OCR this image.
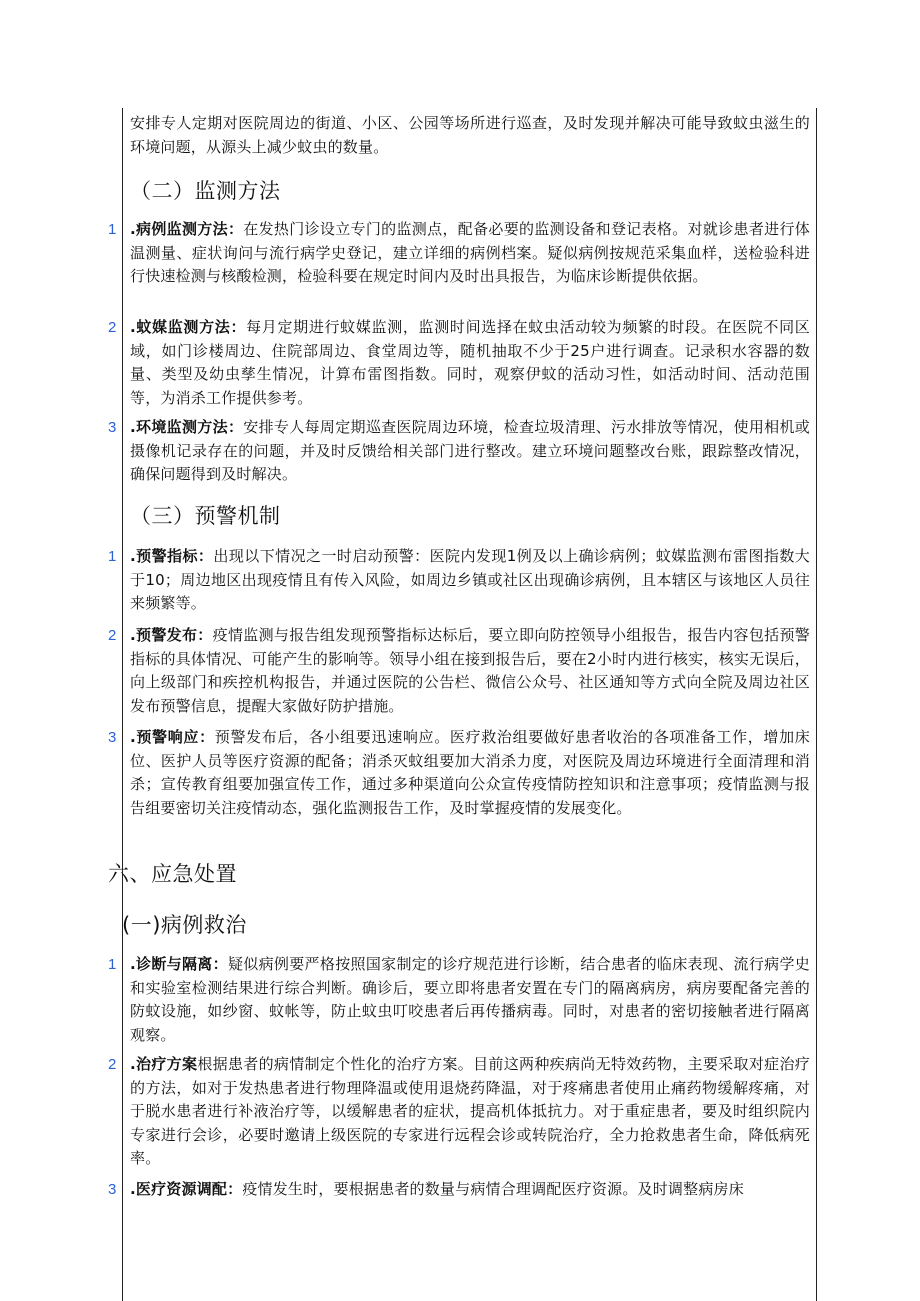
安排专人定期对医院周边的街道、小区、公园等场所进行巡查，及时发现并解决可能导致蚊虫滋生的环境问题，从源头上减少蚊虫的数量。
（二）监测方法
1 .病例监测方法：在发热门诊设立专门的监测点，配备必要的监测设备和登记表格。对就诊患者进行体温测量、症状询问与流行病学史登记，建立详细的病例档案。疑似病例按规范采集血样，送检验科进行快速检测与核酸检测，检验科要在规定时间内及时出具报告，为临床诊断提供依据。
2 .蚊媒监测方法：每月定期进行蚊媒监测，监测时间选择在蚊虫活动较为频繁的时段。在医院不同区域，如门诊楼周边、住院部周边、食堂周边等，随机抽取不少于25户进行调查。记录积水容器的数量、类型及幼虫孳生情况，计算布雷图指数。同时，观察伊蚊的活动习性，如活动时间、活动范围等，为消杀工作提供参考。
3 .环境监测方法：安排专人每周定期巡查医院周边环境，检查垃圾清理、污水排放等情况，使用相机或摄像机记录存在的问题，并及时反馈给相关部门进行整改。建立环境问题整改台账，跟踪整改情况，确保问题得到及时解决。
（三）预警机制
1 .预警指标：出现以下情况之一时启动预警：医院内发现1例及以上确诊病例；蚊媒监测布雷图指数大于10；周边地区出现疫情且有传入风险，如周边乡镇或社区出现确诊病例，且本辖区与该地区人员往来频繁等。
2 .预警发布：疫情监测与报告组发现预警指标达标后，要立即向防控领导小组报告，报告内容包括预警指标的具体情况、可能产生的影响等。领导小组在接到报告后，要在2小时内进行核实，核实无误后，向上级部门和疾控机构报告，并通过医院的公告栏、微信公众号、社区通知等方式向全院及周边社区发布预警信息，提醒大家做好防护措施。
3 .预警响应：预警发布后，各小组要迅速响应。医疗救治组要做好患者收治的各项准备工作，增加床位、医护人员等医疗资源的配备；消杀灭蚊组要加大消杀力度，对医院及周边环境进行全面清理和消杀；宣传教育组要加强宣传工作，通过多种渠道向公众宣传疫情防控知识和注意事项；疫情监测与报告组要密切关注疫情动态，强化监测报告工作，及时掌握疫情的发展变化。
六、应急处置
(一)病例救治
1 .诊断与隔离：疑似病例要严格按照国家制定的诊疗规范进行诊断，结合患者的临床表现、流行病学史和实验室检测结果进行综合判断。确诊后，要立即将患者安置在专门的隔离病房，病房要配备完善的防蚊设施，如纱窗、蚊帐等，防止蚊虫叮咬患者后再传播病毒。同时，对患者的密切接触者进行隔离观察。
2 .治疗方案根据患者的病情制定个性化的治疗方案。目前这两种疾病尚无特效药物，主要采取对症治疗的方法，如对于发热患者进行物理降温或使用退烧药降温，对于疼痛患者使用止痛药物缓解疼痛，对于脱水患者进行补液治疗等，以缓解患者的症状，提高机体抵抗力。对于重症患者，要及时组织院内专家进行会诊，必要时邀请上级医院的专家进行远程会诊或转院治疗，全力抢救患者生命，降低病死率。
3 .医疗资源调配：疫情发生时，要根据患者的数量与病情合理调配医疗资源。及时调整病房床
